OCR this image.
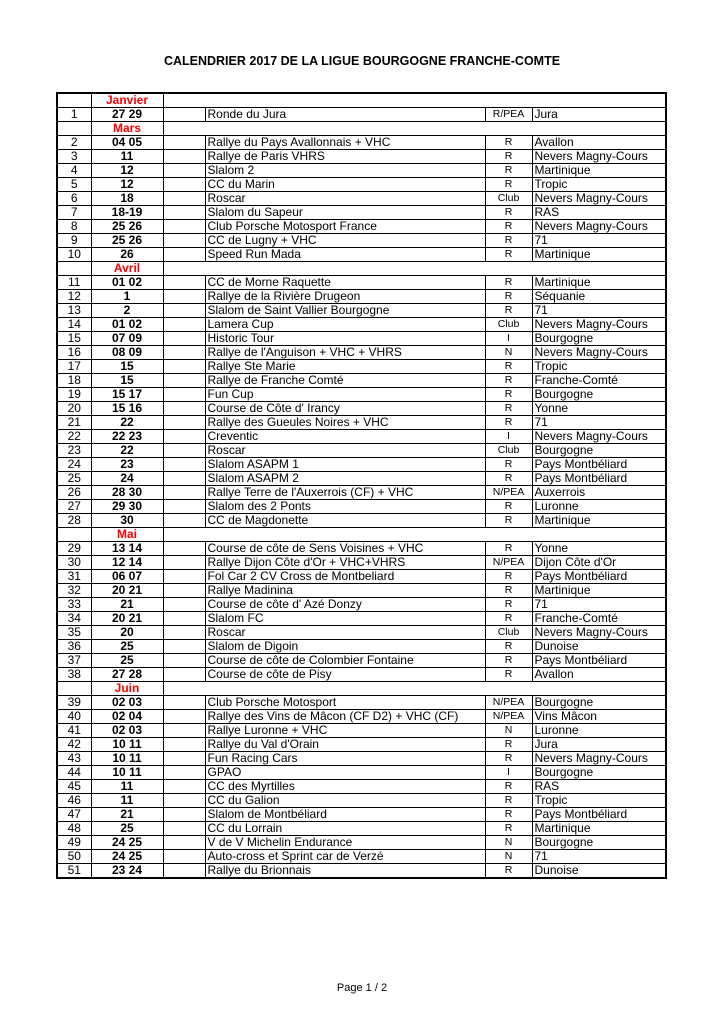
CALENDRIER 2017 DE LA LIGUE BOURGOGNE FRANCHE-COMTE
	Janvier				
1	27 29		Ronde du Jura	R/PEA	Jura
	Mars				
2	04 05		Rallye du Pays Avallonnais + VHC	R	Avallon
3	11		Rallye de Paris VHRS	R	Nevers Magny-Cours
4	12		Slalom 2	R	Martinique
5	12		CC du Marin	R	Tropic
6	18		Roscar	Club	Nevers Magny-Cours
7	18-19		Slalom du Sapeur	R	RAS
8	25 26		Club Porsche Motosport France	R	Nevers Magny-Cours
9	25 26		CC de Lugny + VHC	R	71
10	26		Speed Run Mada	R	Martinique
	Avril				
11	01 02		CC de Morne Raquette	R	Martinique
12	1		Rallye de la Rivière Drugeon	R	Séquanie
13	2		Slalom de Saint Vallier Bourgogne	R	71
14	01 02		Lamera Cup	Club	Nevers Magny-Cours
15	07 09		Historic Tour	I	Bourgogne
16	08 09		Rallye de l'Anguison + VHC + VHRS	N	Nevers Magny-Cours
17	15		Rallye Ste Marie	R	Tropic
18	15		Rallye de Franche Comté	R	Franche-Comté
19	15 17		Fun Cup	R	Bourgogne
20	15 16		Course de Côte d' Irancy	R	Yonne
21	22		Rallye des Gueules Noires + VHC	R	71
22	22 23		Creventic	I	Nevers Magny-Cours
23	22		Roscar	Club	Bourgogne
24	23		Slalom ASAPM 1	R	Pays Montbéliard
25	24		Slalom ASAPM 2	R	Pays Montbéliard
26	28 30		Rallye Terre de l'Auxerrois (CF) + VHC	N/PEA	Auxerrois
27	29 30		Slalom des 2 Ponts	R	Luronne
28	30		CC de Magdonette	R	Martinique
	Mai				
29	13 14		Course de côte de Sens Voisines + VHC	R	Yonne
30	12 14		Rallye Dijon Côte d'Or + VHC+VHRS	N/PEA	Dijon Côte d'Or
31	06 07		Fol Car 2 CV Cross de Montbeliard	R	Pays Montbéliard
32	20 21		Rallye Madinina	R	Martinique
33	21		Course de côte d' Azé Donzy	R	71
34	20 21		Slalom FC	R	Franche-Comté
35	20		Roscar	Club	Nevers Magny-Cours
36	25		Slalom de Digoin	R	Dunoise
37	25		Course de côte de Colombier Fontaine	R	Pays Montbéliard
38	27 28		Course de côte de Pisy	R	Avallon
	Juin				
39	02 03		Club Porsche Motosport	N/PEA	Bourgogne
40	02 04		Rallye des Vins de Mâcon (CF D2) + VHC (CF)	N/PEA	Vins Mâcon
41	02 03		Rallye Luronne + VHC	N	Luronne
42	10 11		Rallye du Val d'Orain	R	Jura
43	10 11		Fun Racing Cars	R	Nevers Magny-Cours
44	10 11		GPAO	I	Bourgogne
45	11		CC des Myrtilles	R	RAS
46	11		CC du Galion	R	Tropic
47	21		Slalom de Montbéliard	R	Pays Montbéliard
48	25		CC du Lorrain	R	Martinique
49	24 25		V de V Michelin Endurance	N	Bourgogne
50	24 25		Auto-cross et Sprint car de Verzé	N	71
51	23 24		Rallye du Brionnais	R	Dunoise
Page 1 / 2
